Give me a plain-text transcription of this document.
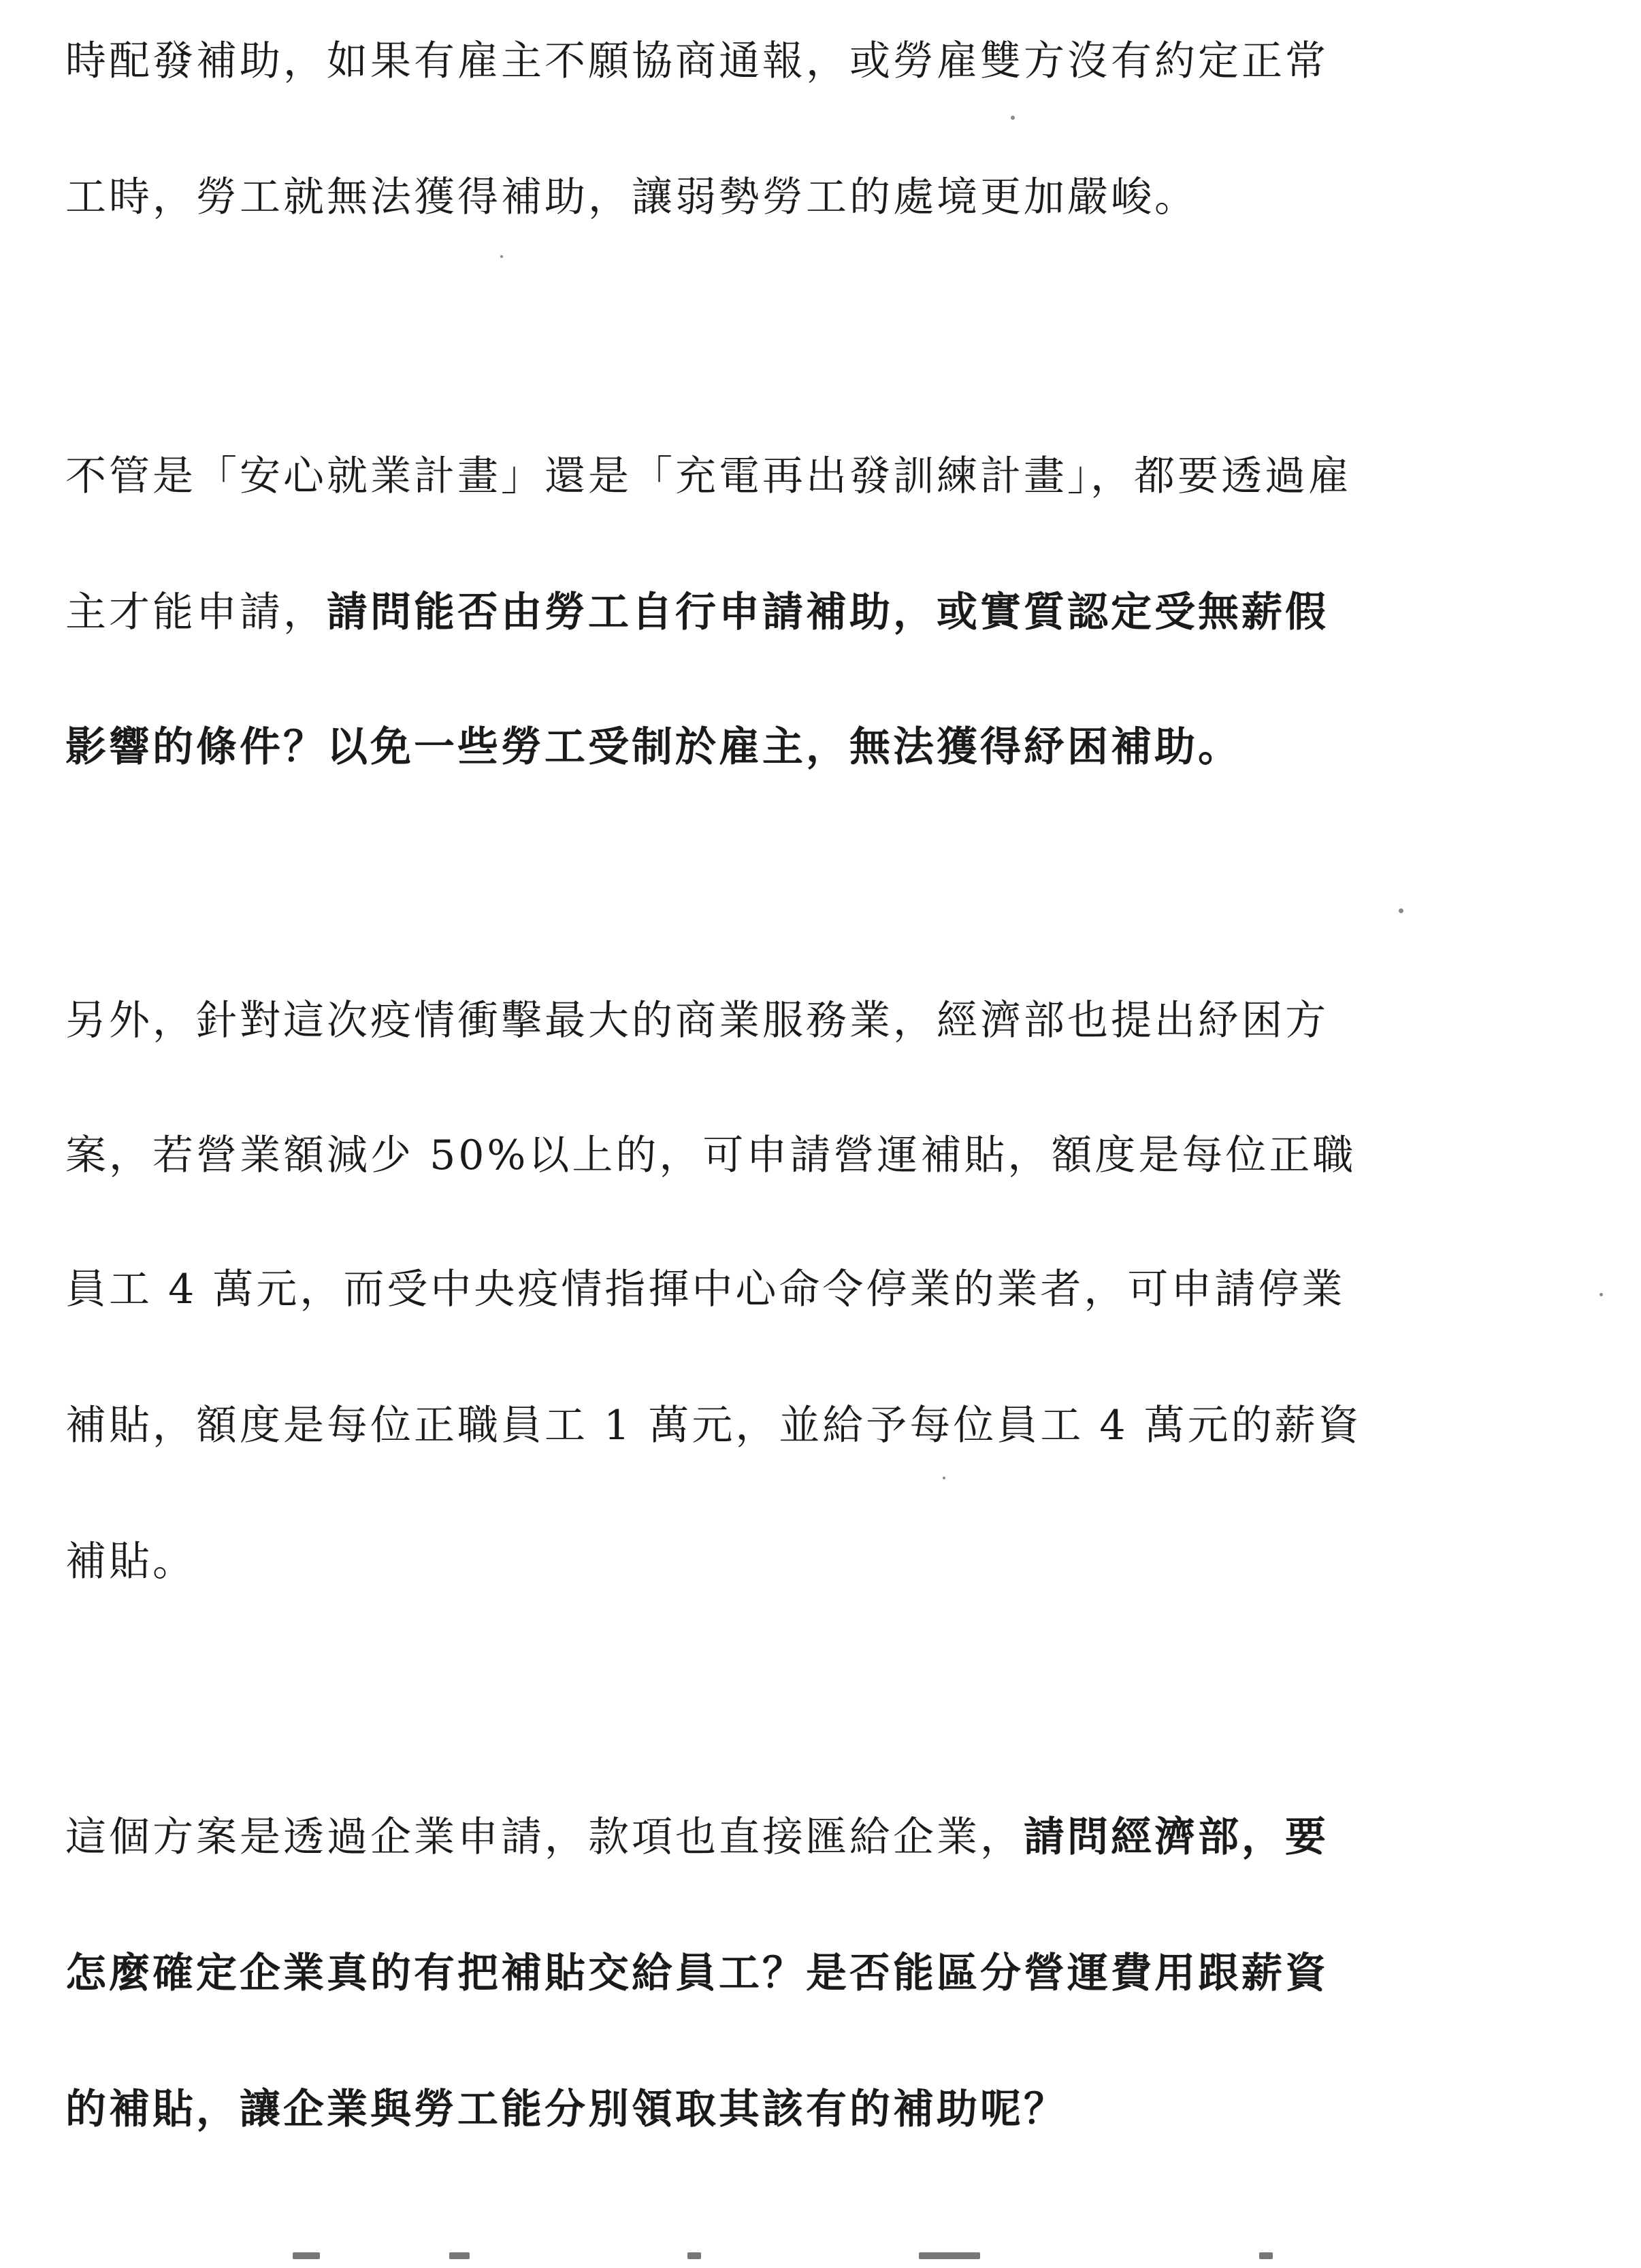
時配發補助，如果有雇主不願協商通報，或勞雇雙方沒有約定正常
工時，勞工就無法獲得補助，讓弱勢勞工的處境更加嚴峻。
不管是「安心就業計畫」還是「充電再出發訓練計畫」，都要透過雇
主才能申請，請問能否由勞工自行申請補助，或實質認定受無薪假
影響的條件？以免一些勞工受制於雇主，無法獲得紓困補助。
另外，針對這次疫情衝擊最大的商業服務業，經濟部也提出紓困方
案，若營業額減少 50%以上的，可申請營運補貼，額度是每位正職
員工 4 萬元，而受中央疫情指揮中心命令停業的業者，可申請停業
補貼，額度是每位正職員工 1 萬元，並給予每位員工 4 萬元的薪資
補貼。
這個方案是透過企業申請，款項也直接匯給企業，請問經濟部，要
怎麼確定企業真的有把補貼交給員工？是否能區分營運費用跟薪資
的補貼，讓企業與勞工能分別領取其該有的補助呢？
